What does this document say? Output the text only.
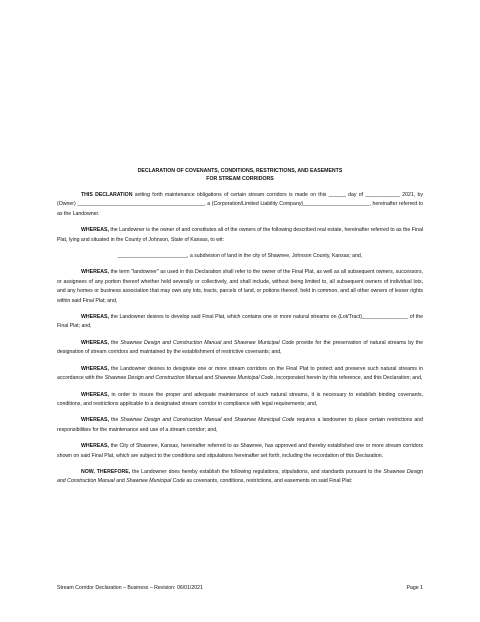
DECLARATION OF COVENANTS, CONDITIONS, RESTRICTIONS, AND EASEMENTS
FOR STREAM CORRIDORS

THIS DECLARATION setting forth maintenance obligations of certain stream corridors is made on this ______ day of ____________ 2021, by (Owner) ____________________________________________, a (Corporation/Limited Liability Company)_______________________, hereinafter referred to as the Landowner.

WHEREAS, the Landowner is the owner of and constitutes all of the owners of the following described real estate, hereinafter referred to as the Final Plat, lying and situated in the County of Johnson, State of Kansas, to wit:

________________________, a subdivision of land in the city of Shawnee, Johnson County, Kansas; and,

WHEREAS, the term "landowner" as used in this Declaration shall refer to the owner of the Final Plat, as well as all subsequent owners, successors, or assignees of any portion thereof whether held severally or collectively, and shall include, without being limited to, all subsequent owners of individual lots, and any homes or business association that may own any lots, tracts, parcels of land, or potions thereof, held in common, and all other owners of lesser rights within said Final Plat; and,

WHEREAS, the Landowner desires to develop said Final Plat, which contains one or more natural streams on (Lot/Tract)________________ of the Final Plat; and,

WHEREAS, the Shawnee Design and Construction Manual and Shawnee Municipal Code provide for the preservation of natural streams by the designation of stream corridors and maintained by the establishment of restrictive covenants; and,

WHEREAS, the Landowner desires to designate one or more stream corridors on the Final Plat to protect and preserve such natural streams in accordance with the Shawnee Design and Construction Manual and Shawnee Municipal Code, incorporated herein by this reference, and this Declaration; and,

WHEREAS, in order to insure the proper and adequate maintenance of such natural streams, it is necessary to establish binding covenants, conditions, and restrictions applicable to a designated stream corridor in compliance with legal requirements; and,

WHEREAS, the Shawnee Design and Construction Manual and Shawnee Municipal Code requires a landowner to place certain restrictions and responsibilities for the maintenance and use of a stream corridor; and,

WHEREAS, the City of Shawnee, Kansas, hereinafter referred to as Shawnee, has approved and thereby established one or more stream corridors shown on said Final Plat, which are subject to the conditions and stipulations hereinafter set forth, including the recordation of this Declaration.

NOW, THEREFORE, the Landowner does hereby establish the following regulations, stipulations, and standards pursuant to the Shawnee Design and Construction Manual and Shawnee Municipal Code as covenants, conditions, restrictions, and easements on said Final Plat:

Stream Corridor Declaration – Business – Revision: 06/01/2021	Page 1
